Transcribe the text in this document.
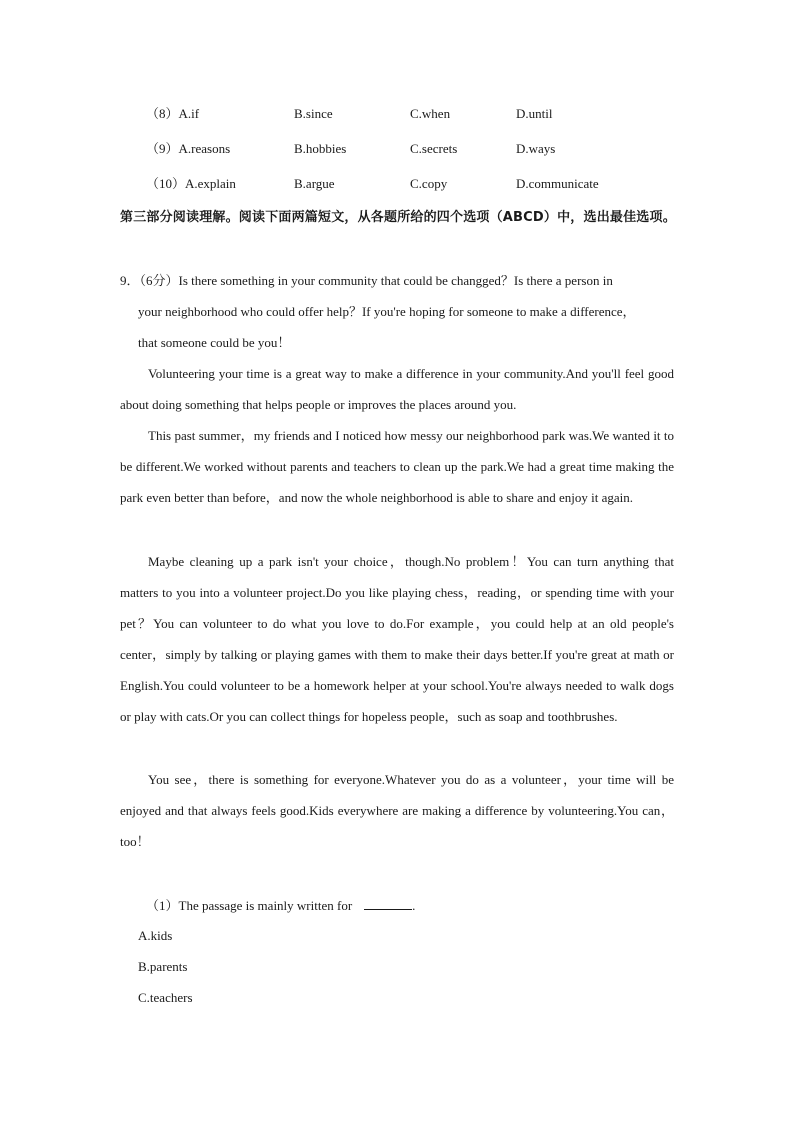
（8）A.if	B.since	C.when	D.until
（9）A.reasons	B.hobbies	C.secrets	D.ways
（10）A.explain	B.argue	C.copy	D.communicate
第三部分阅读理解。阅读下面两篇短文，从各题所给的四个选项（ABCD）中，选出最佳选项。
9．（6分）Is there something in your community that could be changged？Is there a person in
your neighborhood who could offer help？If you're hoping for someone to make a difference，
that someone could be you！

Volunteering your time is a great way to make a difference in your community.And you'll feel good about doing something that helps people or improves the places around you.

This past summer，my friends and I noticed how messy our neighborhood park was.We wanted it to be different.We worked without parents and teachers to clean up the park.We had a great time making the park even better than before，and now the whole neighborhood is able to share and enjoy it again.

Maybe cleaning up a park isn't your choice，though.No problem！You can turn anything that matters to you into a volunteer project.Do you like playing chess，reading，or spending time with your pet？You can volunteer to do what you love to do.For example，you could help at an old people's center，simply by talking or playing games with them to make their days better.If you're great at math or English.You could volunteer to be a homework helper at your school.You're always needed to walk dogs or play with cats.Or you can collect things for hopeless people，such as soap and toothbrushes.

You see，there is something for everyone.Whatever you do as a volunteer，your time will be enjoyed and that always feels good.Kids everywhere are making a difference by volunteering.You can，too！

（1）The passage is mainly written for	.
A.kids
B.parents
C.teachers
